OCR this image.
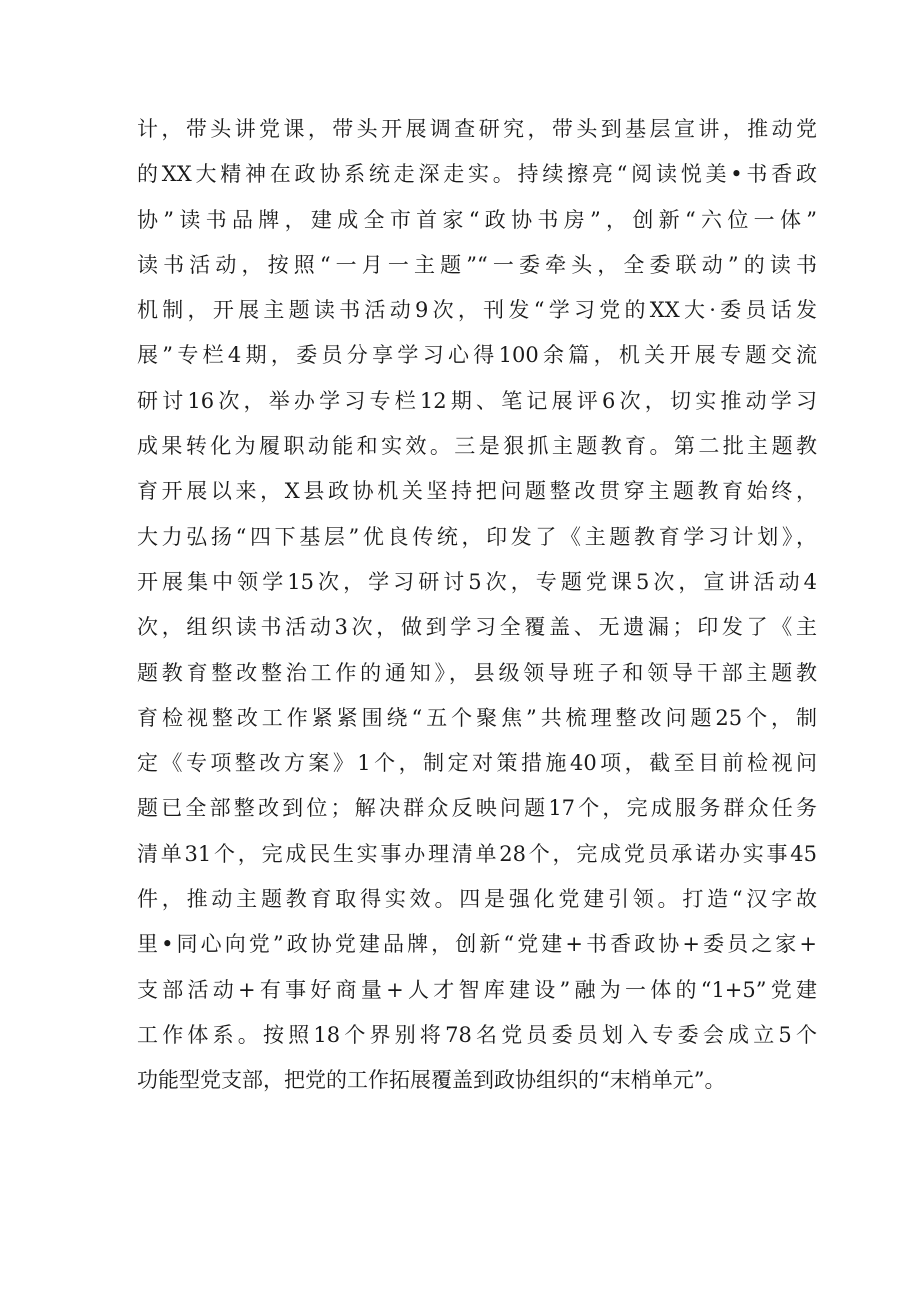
计，带头讲党课，带头开展调查研究，带头到基层宣讲，推动党
的XX大精神在政协系统走深走实。持续擦亮“阅读悦美•书香政
协”读书品牌，建成全市首家“政协书房”，创新“六位一体”
读书活动，按照“一月一主题”“一委牵头，全委联动”的读书
机制，开展主题读书活动9次，刊发“学习党的XX大·委员话发
展”专栏4期，委员分享学习心得100余篇，机关开展专题交流
研讨16次，举办学习专栏12期、笔记展评6次，切实推动学习
成果转化为履职动能和实效。三是狠抓主题教育。第二批主题教
育开展以来，X县政协机关坚持把问题整改贯穿主题教育始终，
大力弘扬“四下基层”优良传统，印发了《主题教育学习计划》，
开展集中领学15次，学习研讨5次，专题党课5次，宣讲活动4
次，组织读书活动3次，做到学习全覆盖、无遗漏；印发了《主
题教育整改整治工作的通知》，县级领导班子和领导干部主题教
育检视整改工作紧紧围绕“五个聚焦”共梳理整改问题25个，制
定《专项整改方案》1个，制定对策措施40项，截至目前检视问
题已全部整改到位；解决群众反映问题17个，完成服务群众任务
清单31个，完成民生实事办理清单28个，完成党员承诺办实事45
件，推动主题教育取得实效。四是强化党建引领。打造“汉字故
里•同心向党”政协党建品牌，创新“党建+书香政协+委员之家+
支部活动+有事好商量+人才智库建设”融为一体的“1+5”党建
工作体系。按照18个界别将78名党员委员划入专委会成立5个
功能型党支部，把党的工作拓展覆盖到政协组织的“末梢单元”。
